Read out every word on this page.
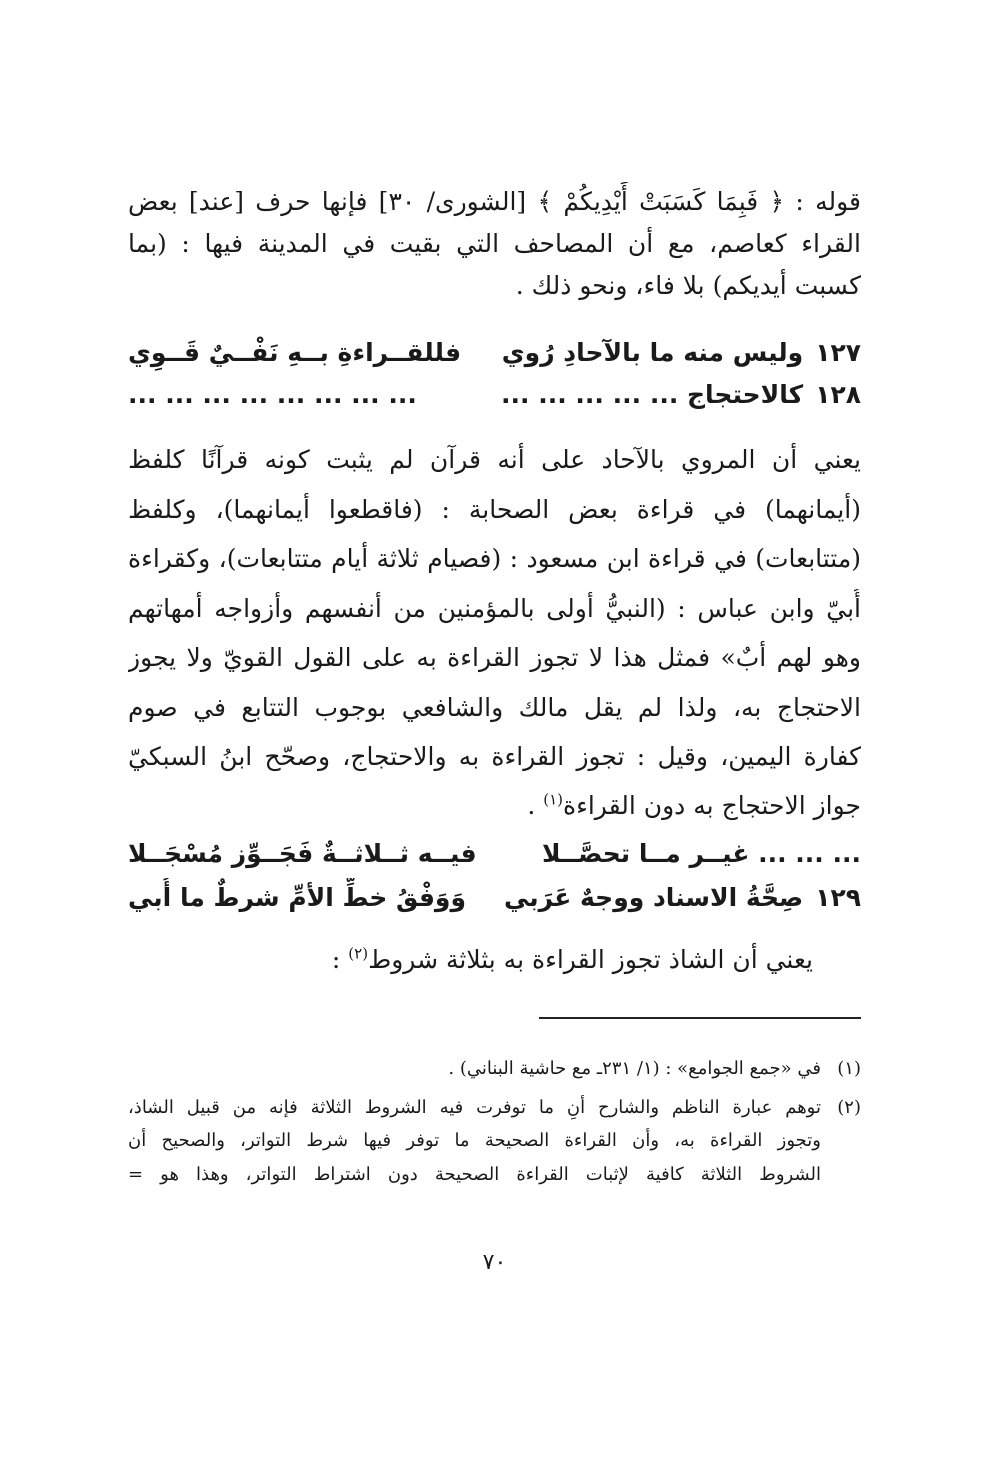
قوله : ﴿ فَبِمَا كَسَبَتْ أَيْدِيكُمْ ﴾ [الشورى/ ٣٠] فإنها حرف [عند] بعض
القراء كعاصم، مع أن المصاحف التي بقيت في المدينة فيها : (بما
كسبت أيديكم) بلا فاء، ونحو ذلك .
١٢٧وليس منه ما بالآحادِ رُوي
فللقــراءةِ بــهِ نَفْــيٌ قَــوِي
١٢٨كالاحتجاج ... ... ... ... ...
... ... ... ... ... ... ... ...
يعني أن المروي بالآحاد على أنه قرآن لم يثبت كونه قرآنًا كلفظ
(أيمانهما) في قراءة بعض الصحابة : (فاقطعوا أيمانهما)، وكلفظ
(متتابعات) في قراءة ابن مسعود : (فصيام ثلاثة أيام متتابعات)، وكقراءة
أُبيّ وابن عباس : (النبيُّ أولى بالمؤمنين من أنفسهم وأزواجه أمهاتهم
وهو لهم أبٌ» فمثل هذا لا تجوز القراءة به على القول القويّ ولا يجوز
الاحتجاج به، ولذا لم يقل مالك والشافعي بوجوب التتابع في صوم
كفارة اليمين، وقيل : تجوز القراءة به والاحتجاج، وصحّح ابنُ السبكيّ
جواز الاحتجاج به دون القراءة$^{(١)}$ .
... ... ... غيــر مــا تحصَّــلا
فيــه ثــلاثــةٌ فَجَــوِّز مُسْجَــلا
١٢٩صِحَّةُ الاسناد ووجهٌ عَرَبي
وَوَفْقُ خطِّ الأمِّ شرطٌ ما أُبي
يعني أن الشاذ تجوز القراءة به بثلاثة شروط$^{(٢)}$ :
(١)في «جمع الجوامع» : (١/ ٢٣١ـ مع حاشية البناني) .
(٢)توهم عبارة الناظم والشارح أنِ ما توفرت فيه الشروط الثلاثة فإنه من قبيل الشاذ،
وتجوز القراءة به، وأن القراءة الصحيحة ما توفر فيها شرط التواتر، والصحيح أن
الشروط الثلاثة كافية لإثبات القراءة الصحيحة دون اشتراط التواتر، وهذا هو =
٧٠
